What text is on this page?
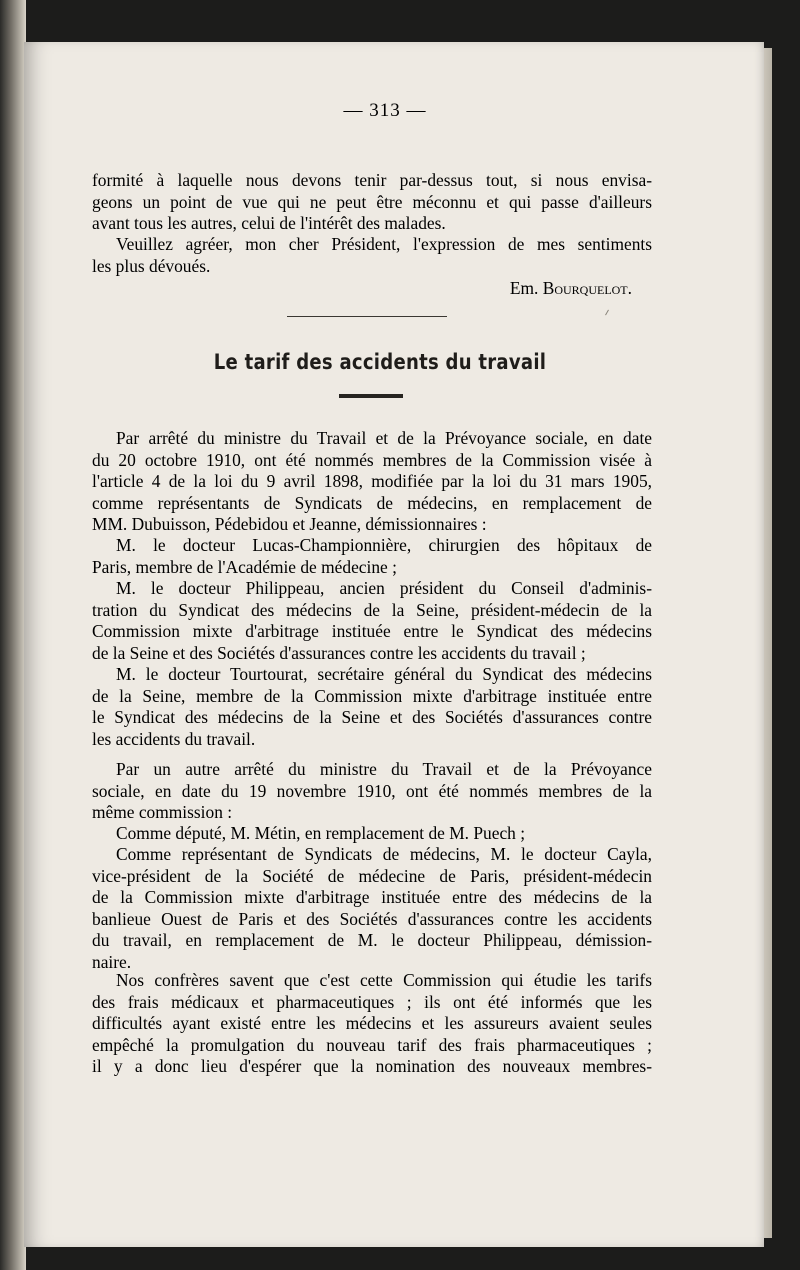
— 313 —
formité à laquelle nous devons tenir par-dessus tout, si nous envisa-
geons un point de vue qui ne peut être méconnu et qui passe d'ailleurs
avant tous les autres, celui de l'intérêt des malades.
Veuillez agréer, mon cher Président, l'expression de mes sentiments
les plus dévoués.
Em. Bourquelot.
Le tarif des accidents du travail
Par arrêté du ministre du Travail et de la Prévoyance sociale, en date
du 20 octobre 1910, ont été nommés membres de la Commission visée à
l'article 4 de la loi du 9 avril 1898, modifiée par la loi du 31 mars 1905,
comme représentants de Syndicats de médecins, en remplacement de
MM. Dubuisson, Pédebidou et Jeanne, démissionnaires :
M. le docteur Lucas-Championnière, chirurgien des hôpitaux de
Paris, membre de l'Académie de médecine ;
M. le docteur Philippeau, ancien président du Conseil d'adminis-
tration du Syndicat des médecins de la Seine, président-médecin de la
Commission mixte d'arbitrage instituée entre le Syndicat des médecins
de la Seine et des Sociétés d'assurances contre les accidents du travail ;
M. le docteur Tourtourat, secrétaire général du Syndicat des médecins
de la Seine, membre de la Commission mixte d'arbitrage instituée entre
le Syndicat des médecins de la Seine et des Sociétés d'assurances contre
les accidents du travail.
Par un autre arrêté du ministre du Travail et de la Prévoyance
sociale, en date du 19 novembre 1910, ont été nommés membres de la
même commission :
Comme député, M. Métin, en remplacement de M. Puech ;
Comme représentant de Syndicats de médecins, M. le docteur Cayla,
vice-président de la Société de médecine de Paris, président-médecin
de la Commission mixte d'arbitrage instituée entre des médecins de la
banlieue Ouest de Paris et des Sociétés d'assurances contre les accidents
du travail, en remplacement de M. le docteur Philippeau, démission-
naire.
Nos confrères savent que c'est cette Commission qui étudie les tarifs
des frais médicaux et pharmaceutiques ; ils ont été informés que les
difficultés ayant existé entre les médecins et les assureurs avaient seules
empêché la promulgation du nouveau tarif des frais pharmaceutiques ;
il y a donc lieu d'espérer que la nomination des nouveaux membres-
